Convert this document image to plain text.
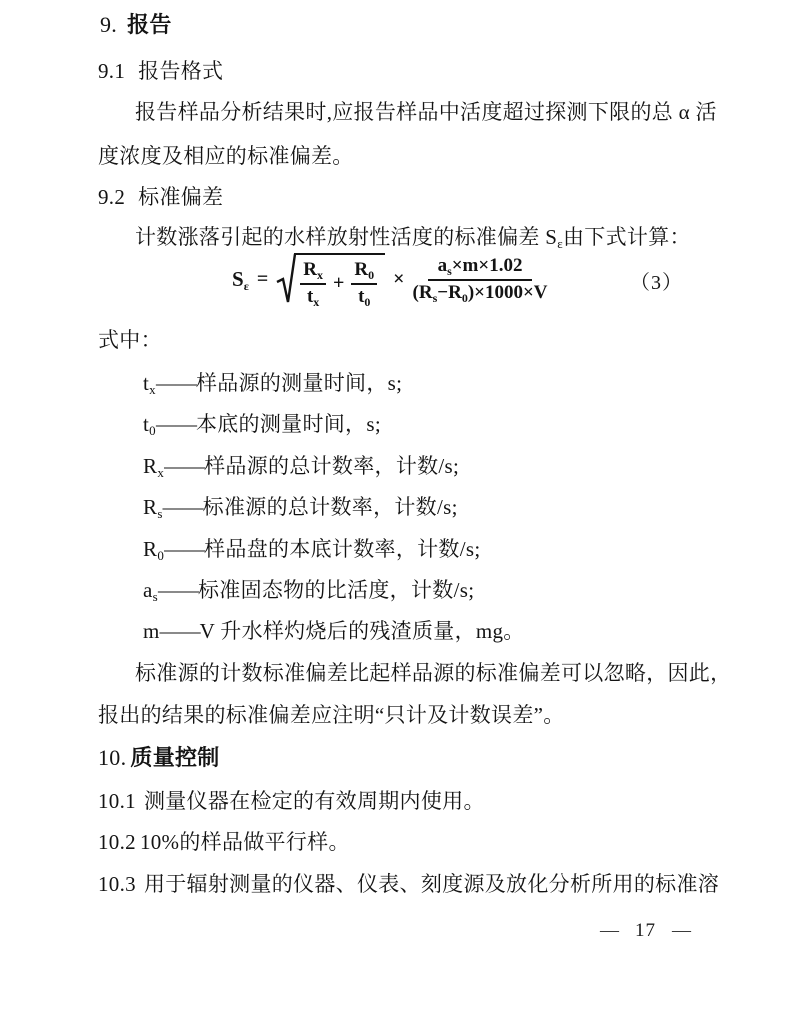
9. 报告
9.1 报告格式
报告样品分析结果时,应报告样品中活度超过探测下限的总 α 活
度浓度及相应的标准偏差。
9.2 标准偏差
计数涨落引起的水样放射性活度的标准偏差 $S_\varepsilon$由下式计算：
$S_\varepsilon = \frac{R_x}{t_x} + \frac{R_0}{t_0} \times \frac{a_s\times m\times 1.02}{(R_s-R_0)\times 1000\times V}$	（3）
式中：
$t_x——$样品源的测量时间，s;
$t_0——$本底的测量时间，s;
$R_x——$样品源的总计数率，计数/s;
$R_s——$标准源的总计数率，计数/s;
$R_0——$样品盘的本底计数率，计数/s;
$a_s——$标准固态物的比活度，计数/s;
m——V 升水样灼烧后的残渣质量，mg。
标准源的计数标准偏差比起样品源的标准偏差可以忽略，因此，
报出的结果的标准偏差应注明“只计及计数误差”。
10. 质量控制
10.1 测量仪器在检定的有效周期内使用。
10.2 10%的样品做平行样。
10.3 用于辐射测量的仪器、仪表、刻度源及放化分析所用的标准溶
— 17 —
